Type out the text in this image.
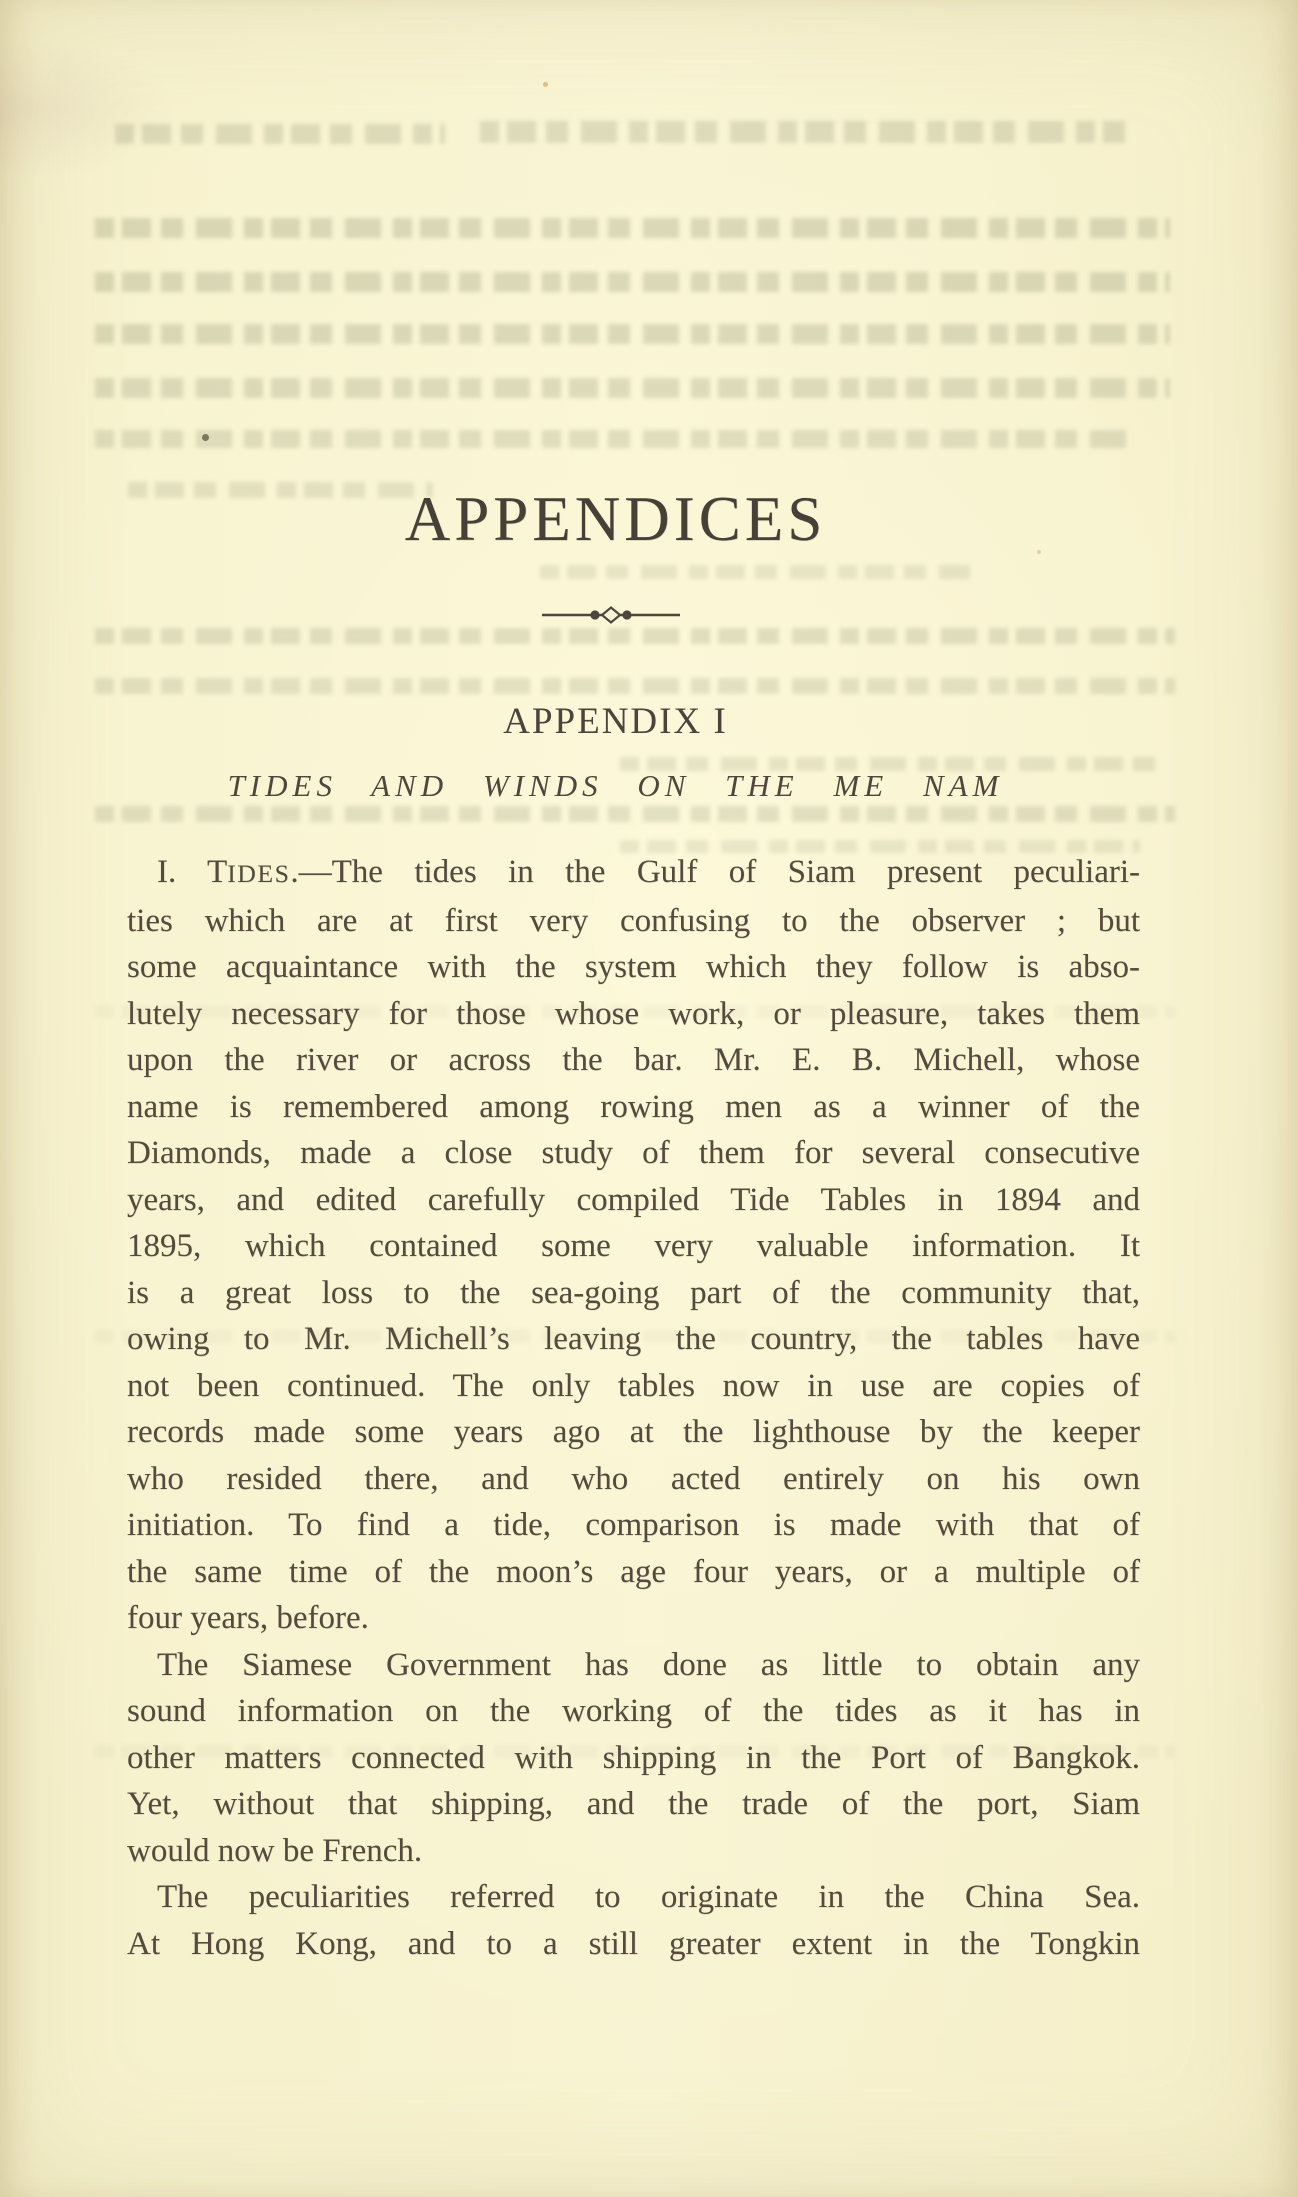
APPENDICES
APPENDIX I
TIDES AND WINDS ON THE ME NAM
I. TIDES.—The tides in the Gulf of Siam present peculiari-
ties which are at first very confusing to the observer ; but
some acquaintance with the system which they follow is abso-
lutely necessary for those whose work, or pleasure, takes them
upon the river or across the bar. Mr. E. B. Michell, whose
name is remembered among rowing men as a winner of the
Diamonds, made a close study of them for several consecutive
years, and edited carefully compiled Tide Tables in 1894 and
1895, which contained some very valuable information. It
is a great loss to the sea-going part of the community that,
owing to Mr. Michell’s leaving the country, the tables have
not been continued. The only tables now in use are copies of
records made some years ago at the lighthouse by the keeper
who resided there, and who acted entirely on his own
initiation. To find a tide, comparison is made with that of
the same time of the moon’s age four years, or a multiple of
four years, before.
The Siamese Government has done as little to obtain any
sound information on the working of the tides as it has in
other matters connected with shipping in the Port of Bangkok.
Yet, without that shipping, and the trade of the port, Siam
would now be French.
The peculiarities referred to originate in the China Sea.
At Hong Kong, and to a still greater extent in the Tongkin
